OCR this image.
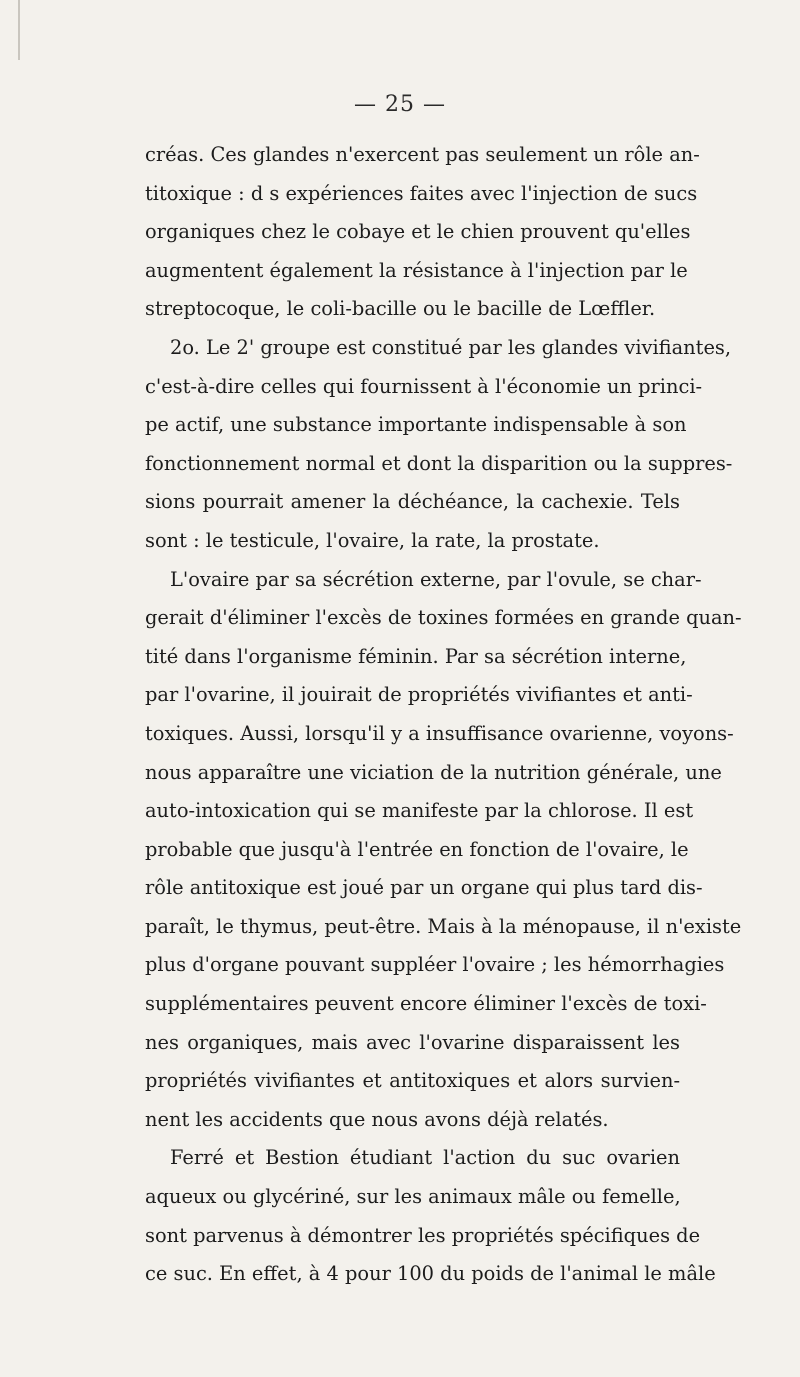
— 25 —
créas. Ces glandes n'exercent pas seulement un rôle an-
titoxique : d s expériences faites avec l'injection de sucs
organiques chez le cobaye et le chien prouvent qu'elles
augmentent également la résistance à l'injection par le
streptocoque, le coli-bacille ou le bacille de Lœffler.
2o. Le 2' groupe est constitué par les glandes vivifiantes,
c'est-à-dire celles qui fournissent à l'économie un princi-
pe actif, une substance importante indispensable à son
fonctionnement normal et dont la disparition ou la suppres-
sions pourrait amener la déchéance, la cachexie. Tels
sont : le testicule, l'ovaire, la rate, la prostate.
L'ovaire par sa sécrétion externe, par l'ovule, se char-
gerait d'éliminer l'excès de toxines formées en grande quan-
tité dans l'organisme féminin. Par sa sécrétion interne,
par l'ovarine, il jouirait de propriétés vivifiantes et anti-
toxiques. Aussi, lorsqu'il y a insuffisance ovarienne, voyons-
nous apparaître une viciation de la nutrition générale, une
auto-intoxication qui se manifeste par la chlorose. Il est
probable que jusqu'à l'entrée en fonction de l'ovaire, le
rôle antitoxique est joué par un organe qui plus tard dis-
paraît, le thymus, peut-être. Mais à la ménopause, il n'existe
plus d'organe pouvant suppléer l'ovaire ; les hémorrhagies
supplémentaires peuvent encore éliminer l'excès de toxi-
nes organiques, mais avec l'ovarine disparaissent les
propriétés vivifiantes et antitoxiques et alors survien-
nent les accidents que nous avons déjà relatés.
Ferré et Bestion étudiant l'action du suc ovarien
aqueux ou glycériné, sur les animaux mâle ou femelle,
sont parvenus à démontrer les propriétés spécifiques de
ce suc. En effet, à 4 pour 100 du poids de l'animal le mâle
